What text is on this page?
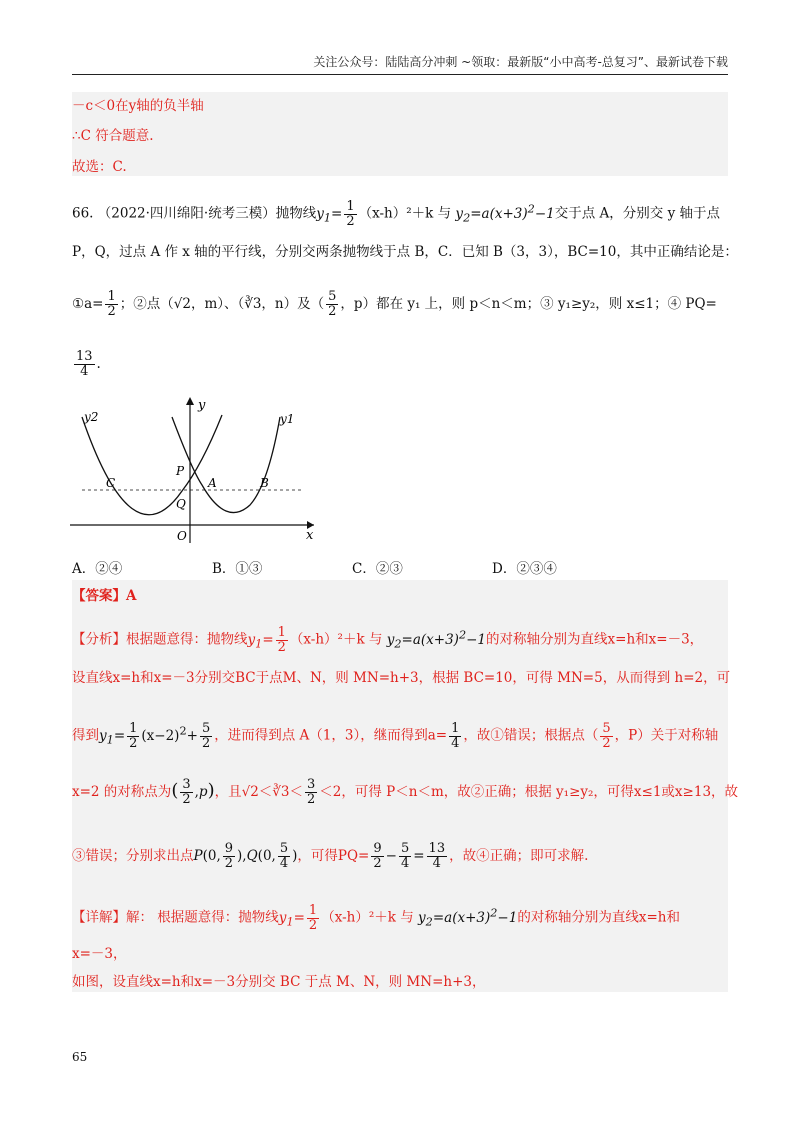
关注公众号：陆陆高分冲刺 ~领取：最新版“小中高考-总复习”、最新试卷下载
－c＜0在y轴的负半轴
∴C 符合题意.
故选：C.
66. （2022·四川绵阳·统考三模）抛物线$y_1= \frac{1}{2} (x-h)^2+k$ 与 $y_2=a(x+3)^2-1$交于点 A，分别交 y 轴于点
P，Q，过点 A 作 x 轴的平行线，分别交两条抛物线于点 B，C．已知 B（3，3），BC=10，其中正确结论是：
①a= $\frac{1}{2}$ ；②点（√2，m）、（∛3，n）及（ $\frac{5}{2}$ ，p）都在 y₁ 上，则 p＜n＜m；③ y₁≥y₂，则 x≤1；④ PQ=
$\frac{13}{4}$ .
y2	y1
y
x
O
P
Q
A	B
C
A．②④	B．①③	C．②③	D．②③④
【答案】A
【分析】根据题意得：抛物线$y_1= \frac{1}{2} (x-h)^2+k$ 与 $y_2=a(x+3)^2-1$的对称轴分别为直线x=h和x=－3，
设直线x=h和x=－3分别交BC于点M、N，则 MN=h+3，根据 BC=10，可得 MN=5，从而得到 h=2，可
得到$y_1= \frac{1}{2} (x-2)^2+ \frac{5}{2}$ ，进而得到点 A（1，3），继而得到$a= \frac{1}{4}$ ，故①错误；根据点（ $\frac{5}{2}$ ，P）关于对称轴
x=2 的对称点为( $\frac{3}{2} ,p$)，且√2＜∛3＜ $\frac{3}{2} <2$，可得 P＜n＜m，故②正确；根据 y₁≥y₂，可得x≤1或x≥13，故
③错误；分别求出点P(0, $\frac{9}{2} ),Q(0$, $\frac{5}{4}$ )，可得$PQ= \frac{9}{2} - \frac{5}{4} = \frac{13}{4}$ ，故④正确；即可求解.
【详解】解： 根据题意得：抛物线$y_1= \frac{1}{2} (x-h)^2+k$ 与 $y_2=a(x+3)^2-1$的对称轴分别为直线x=h和
x=－3，
如图，设直线x=h和x=－3分别交 BC 于点 M、N，则 MN=h+3，
65
